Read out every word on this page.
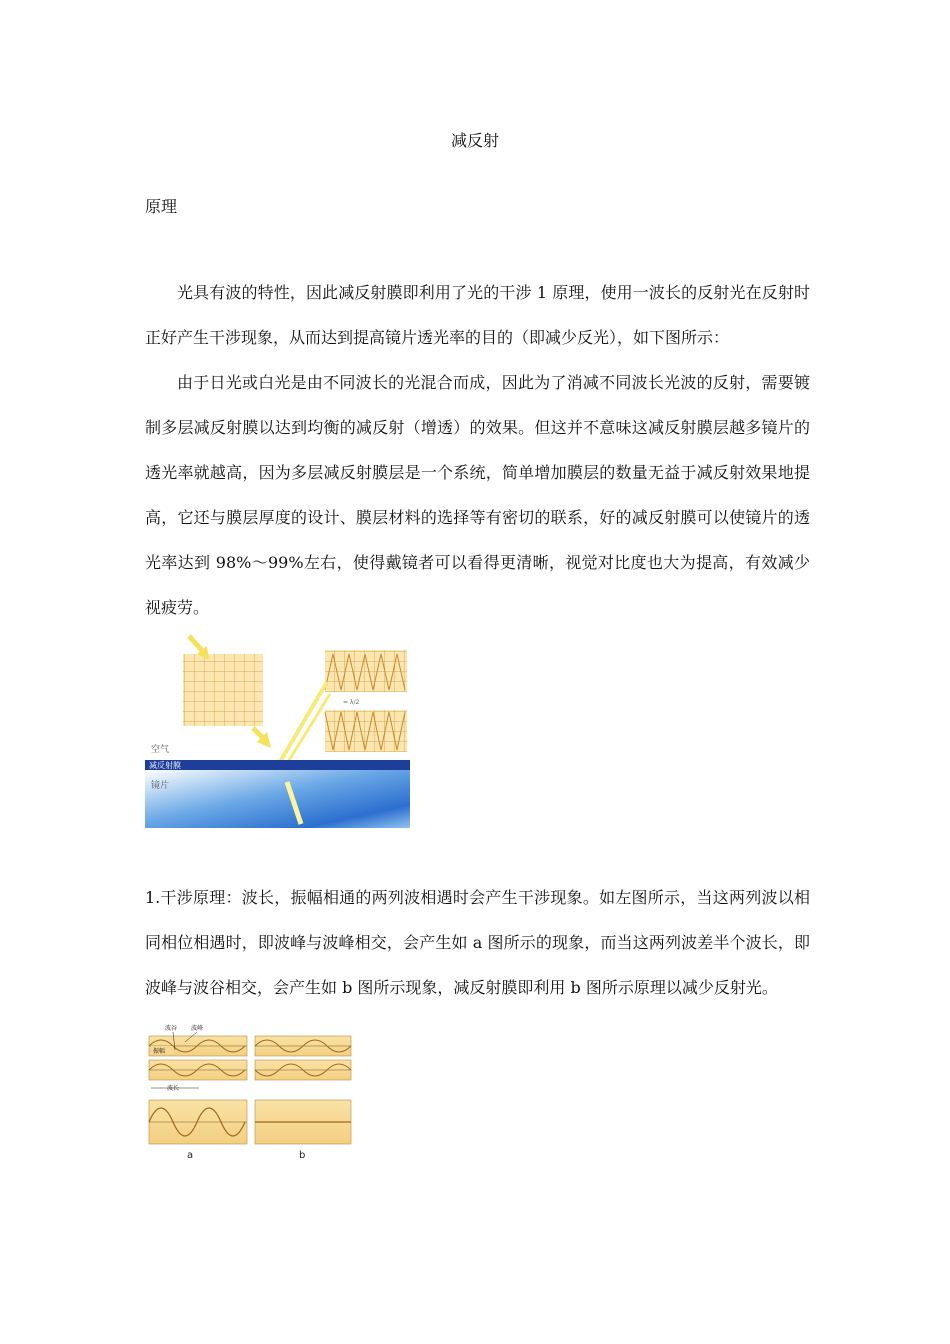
减反射
原理

光具有波的特性，因此减反射膜即利用了光的干涉 1 原理，使用一波长的反射光在反射时正好产生干涉现象，从而达到提高镜片透光率的目的（即减少反光），如下图所示：

由于日光或白光是由不同波长的光混合而成，因此为了消减不同波长光波的反射，需要镀制多层减反射膜以达到均衡的减反射（增透）的效果。但这并不意味这减反射膜层越多镜片的透光率就越高，因为多层减反射膜层是一个系统，简单增加膜层的数量无益于减反射效果地提高，它还与膜层厚度的设计、膜层材料的选择等有密切的联系，好的减反射膜可以使镜片的透光率达到 98%～99%左右，使得戴镜者可以看得更清晰，视觉对比度也大为提高，有效减少视疲劳。

= λ/2
空气
减反射膜
镜片

1.干涉原理：波长，振幅相通的两列波相遇时会产生干涉现象。如左图所示，当这两列波以相同相位相遇时，即波峰与波峰相交，会产生如 a 图所示的现象，而当这两列波差半个波长，即波峰与波谷相交，会产生如 b 图所示现象，减反射膜即利用 b 图所示原理以减少反射光。

波谷 波峰
振幅
波长
a	b
